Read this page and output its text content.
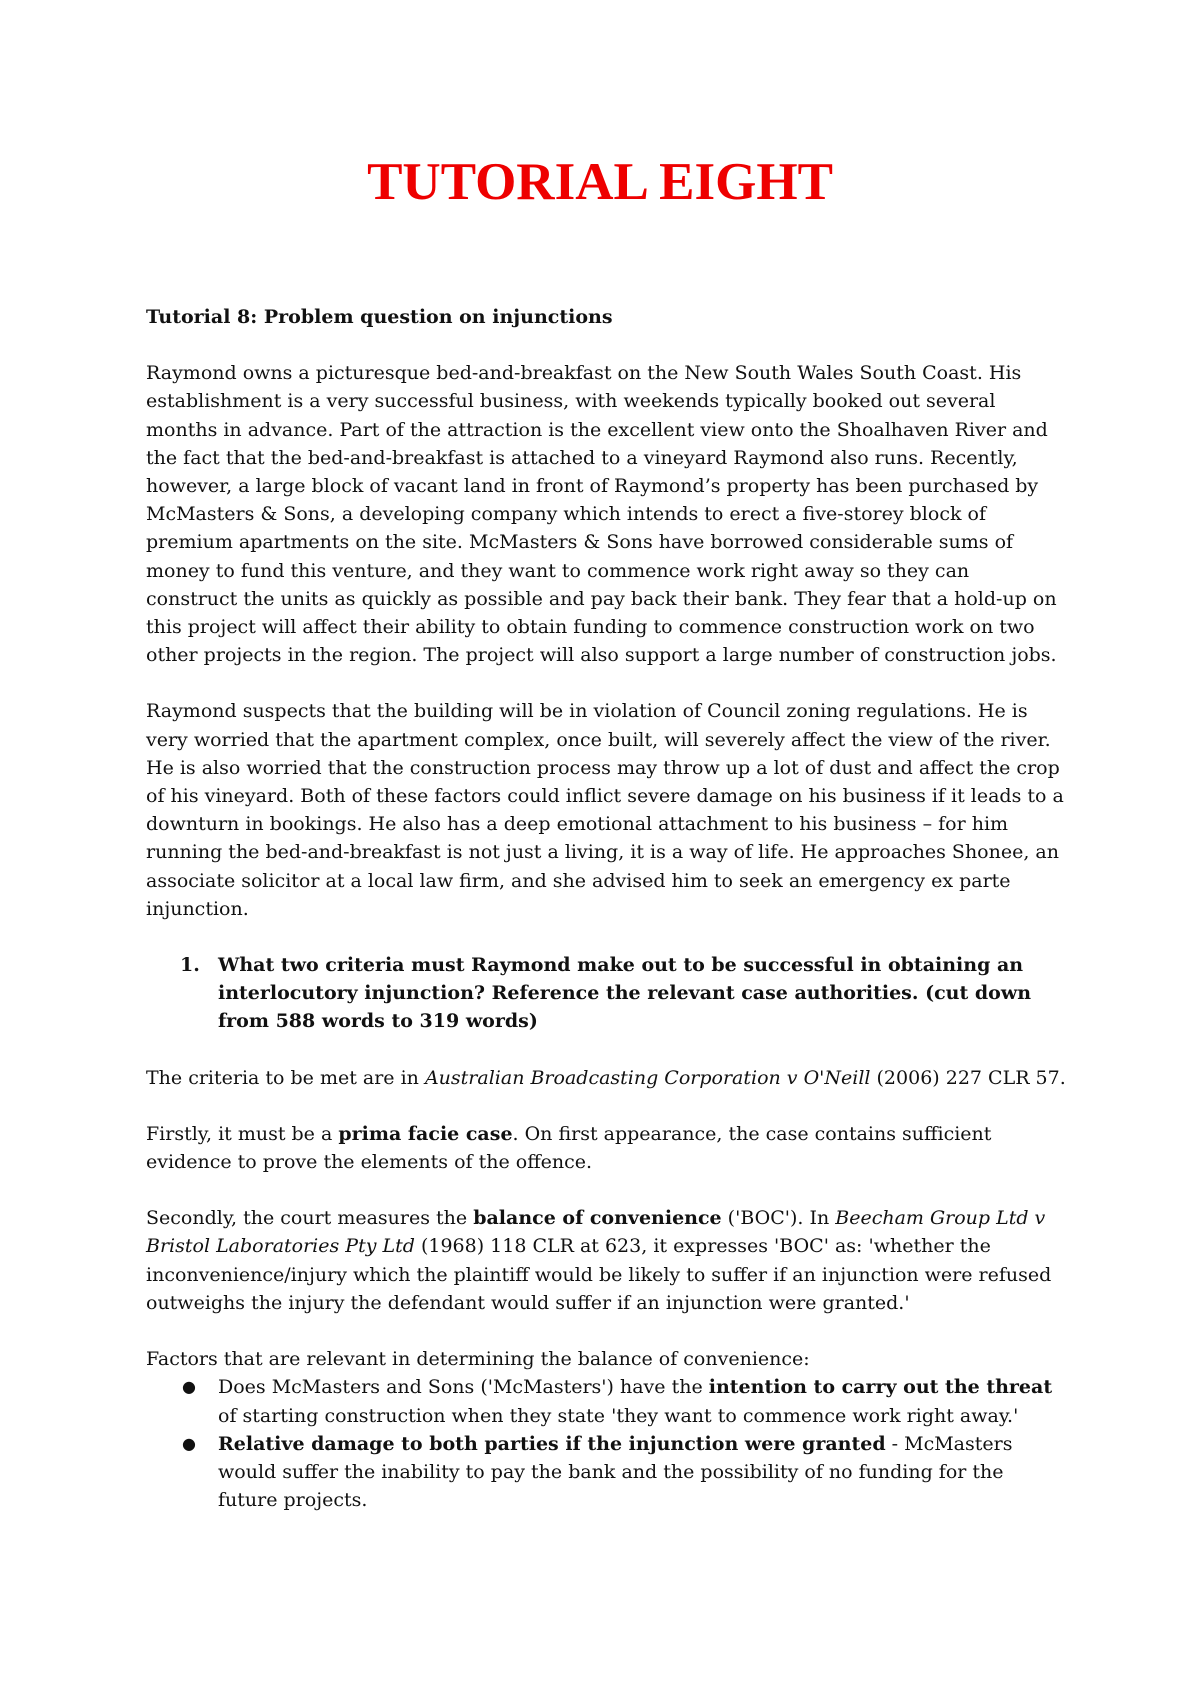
TUTORIAL EIGHT

Tutorial 8: Problem question on injunctions

Raymond owns a picturesque bed-and-breakfast on the New South Wales South Coast. His establishment is a very successful business, with weekends typically booked out several months in advance. Part of the attraction is the excellent view onto the Shoalhaven River and the fact that the bed-and-breakfast is attached to a vineyard Raymond also runs. Recently, however, a large block of vacant land in front of Raymond’s property has been purchased by McMasters & Sons, a developing company which intends to erect a five-storey block of premium apartments on the site. McMasters & Sons have borrowed considerable sums of money to fund this venture, and they want to commence work right away so they can construct the units as quickly as possible and pay back their bank. They fear that a hold-up on this project will affect their ability to obtain funding to commence construction work on two other projects in the region. The project will also support a large number of construction jobs.

Raymond suspects that the building will be in violation of Council zoning regulations. He is very worried that the apartment complex, once built, will severely affect the view of the river. He is also worried that the construction process may throw up a lot of dust and affect the crop of his vineyard. Both of these factors could inflict severe damage on his business if it leads to a downturn in bookings. He also has a deep emotional attachment to his business – for him running the bed-and-breakfast is not just a living, it is a way of life. He approaches Shonee, an associate solicitor at a local law firm, and she advised him to seek an emergency ex parte injunction.

1. What two criteria must Raymond make out to be successful in obtaining an interlocutory injunction? Reference the relevant case authorities. (cut down from 588 words to 319 words)

The criteria to be met are in Australian Broadcasting Corporation v O'Neill (2006) 227 CLR 57.

Firstly, it must be a prima facie case. On first appearance, the case contains sufficient evidence to prove the elements of the offence.

Secondly, the court measures the balance of convenience ('BOC'). In Beecham Group Ltd v Bristol Laboratories Pty Ltd (1968) 118 CLR at 623, it expresses 'BOC' as: 'whether the inconvenience/injury which the plaintiff would be likely to suffer if an injunction were refused outweighs the injury the defendant would suffer if an injunction were granted.'

Factors that are relevant in determining the balance of convenience:

●	Does McMasters and Sons ('McMasters') have the intention to carry out the threat of starting construction when they state 'they want to commence work right away.'
●	Relative damage to both parties if the injunction were granted - McMasters would suffer the inability to pay the bank and the possibility of no funding for the future projects.
